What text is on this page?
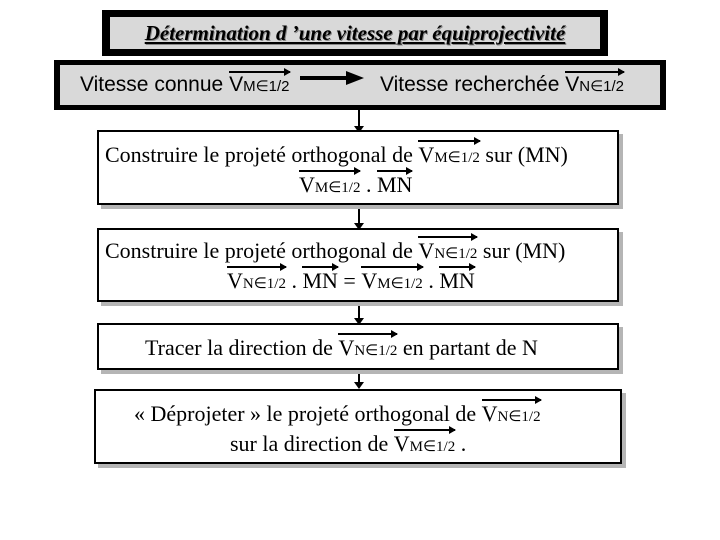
Détermination d ’une vitesse par équiprojectivité
Vitesse connue
VM∈1/2	Vitesse recherchée
VN∈1/2
Construire le projeté orthogonal de
VM∈1/2 sur (MN)
VM∈1/2 .
MN
Construire le projeté orthogonal de
VN∈1/2 sur (MN)
VN∈1/2 .
MN =
VM∈1/2 .
MN
Tracer la direction de
VN∈1/2 en partant de N
« Déprojeter » le projeté orthogonal de
VN∈1/2
sur la direction de
VM∈1/2 .
